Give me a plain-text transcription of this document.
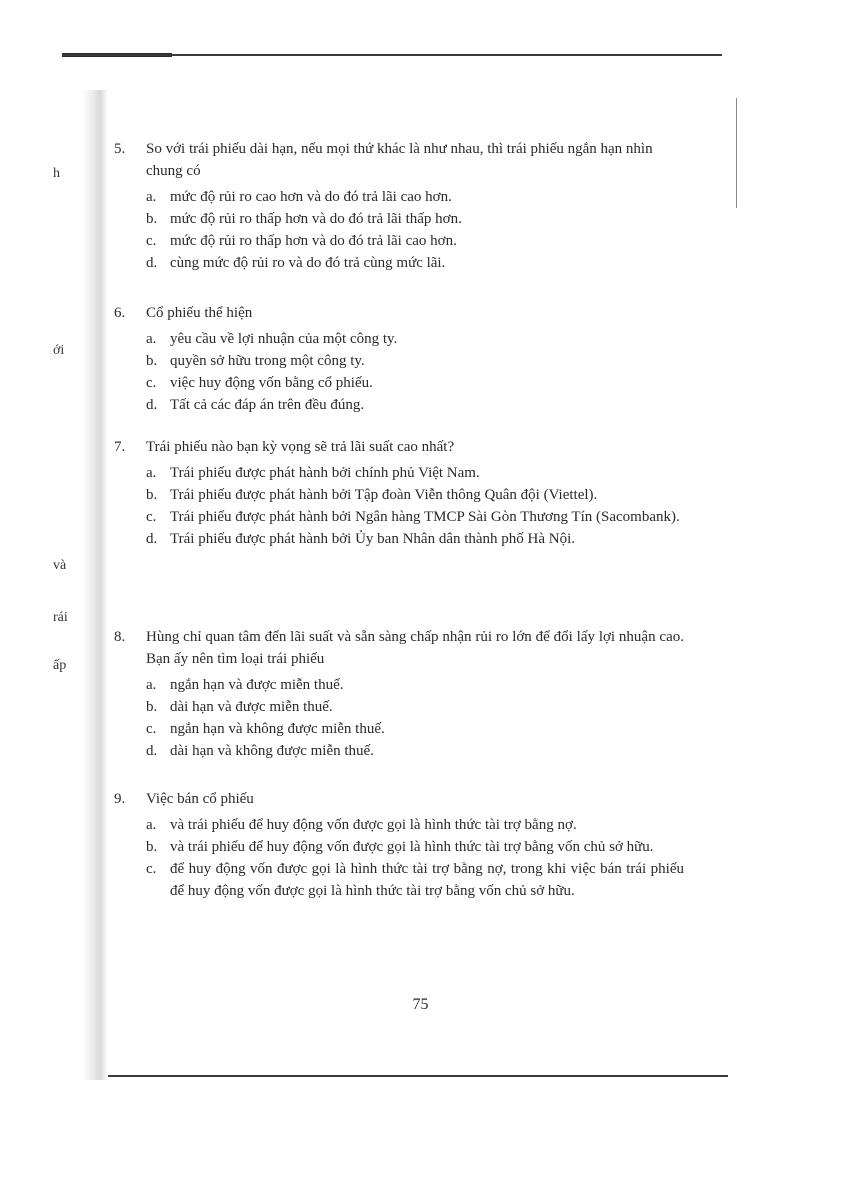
h
ới
và
rái
ấp
5. So với trái phiếu dài hạn, nếu mọi thứ khác là như nhau, thì trái phiếu ngắn hạn nhìn chung có
a. mức độ rủi ro cao hơn và do đó trả lãi cao hơn.
b. mức độ rủi ro thấp hơn và do đó trả lãi thấp hơn.
c. mức độ rủi ro thấp hơn và do đó trả lãi cao hơn.
d. cùng mức độ rủi ro và do đó trả cùng mức lãi.
6. Cổ phiếu thể hiện
a. yêu cầu về lợi nhuận của một công ty.
b. quyền sở hữu trong một công ty.
c. việc huy động vốn bằng cổ phiếu.
d. Tất cả các đáp án trên đều đúng.
7. Trái phiếu nào bạn kỳ vọng sẽ trả lãi suất cao nhất?
a. Trái phiếu được phát hành bởi chính phủ Việt Nam.
b. Trái phiếu được phát hành bởi Tập đoàn Viễn thông Quân đội (Viettel).
c. Trái phiếu được phát hành bởi Ngân hàng TMCP Sài Gòn Thương Tín (Sacombank).
d. Trái phiếu được phát hành bởi Ủy ban Nhân dân thành phố Hà Nội.
8. Hùng chỉ quan tâm đến lãi suất và sẵn sàng chấp nhận rủi ro lớn để đổi lấy lợi nhuận cao. Bạn ấy nên tìm loại trái phiếu
a. ngắn hạn và được miễn thuế.
b. dài hạn và được miễn thuế.
c. ngắn hạn và không được miễn thuế.
d. dài hạn và không được miễn thuế.
9. Việc bán cổ phiếu
a. và trái phiếu để huy động vốn được gọi là hình thức tài trợ bằng nợ.
b. và trái phiếu để huy động vốn được gọi là hình thức tài trợ bằng vốn chủ sở hữu.
c. để huy động vốn được gọi là hình thức tài trợ bằng nợ, trong khi việc bán trái phiếu để huy động vốn được gọi là hình thức tài trợ bằng vốn chủ sở hữu.
75
